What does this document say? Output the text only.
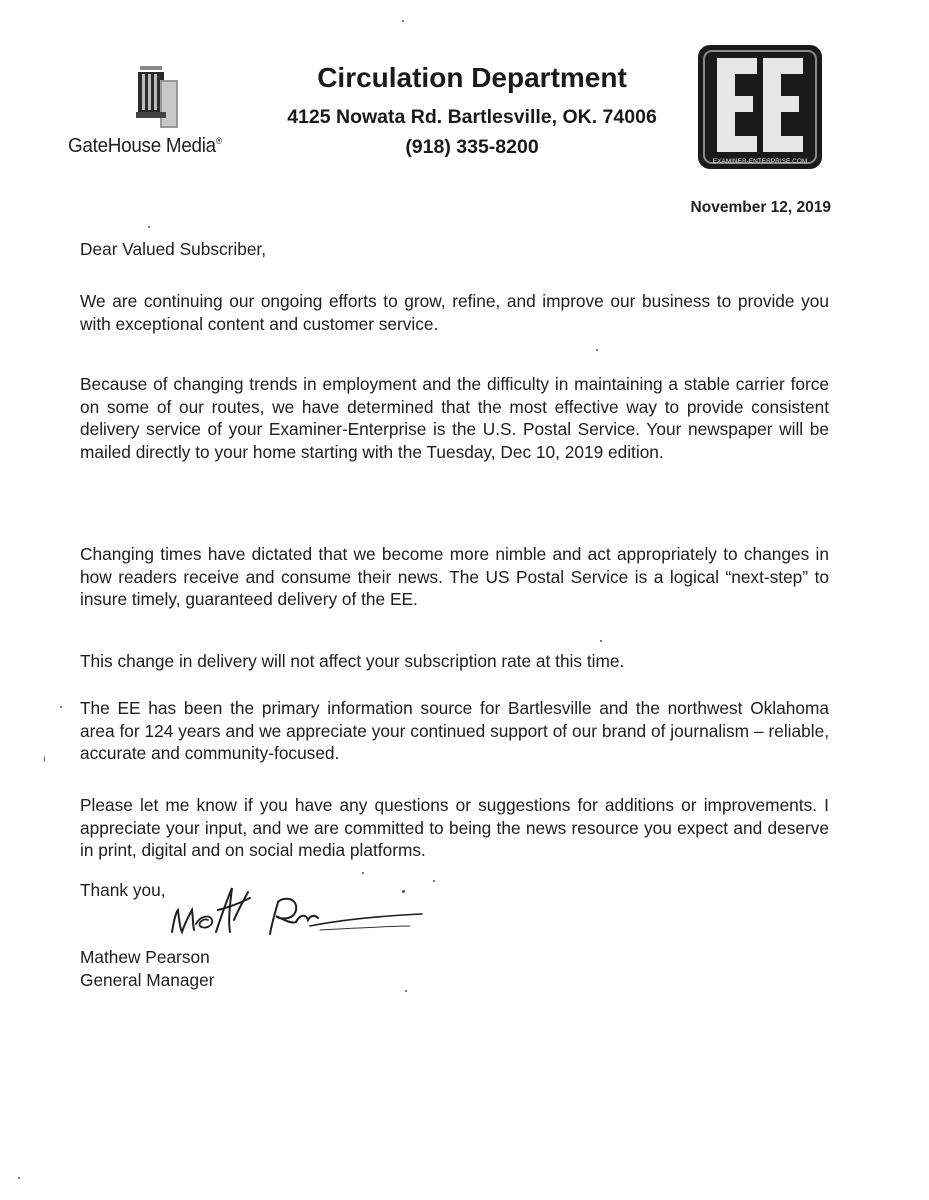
GateHouse Media®
Circulation Department
4125 Nowata Rd. Bartlesville, OK. 74006
(918) 335-8200
EXAMINER-ENTERPRISE.COM
November 12, 2019
Dear Valued Subscriber,
We are continuing our ongoing efforts to grow, refine, and improve our business to provide you with exceptional content and customer service.
Because of changing trends in employment and the difficulty in maintaining a stable carrier force on some of our routes, we have determined that the most effective way to provide consistent delivery service of your Examiner-Enterprise is the U.S. Postal Service. Your newspaper will be mailed directly to your home starting with the Tuesday, Dec 10, 2019 edition.
Changing times have dictated that we become more nimble and act appropriately to changes in how readers receive and consume their news. The US Postal Service is a logical “next-step” to insure timely, guaranteed delivery of the EE.
This change in delivery will not affect your subscription rate at this time.
The EE has been the primary information source for Bartlesville and the northwest Oklahoma area for 124 years and we appreciate your continued support of our brand of journalism – reliable, accurate and community-focused.
Please let me know if you have any questions or suggestions for additions or improvements. I appreciate your input, and we are committed to being the news resource you expect and deserve in print, digital and on social media platforms.
Thank you,
Mathew Pearson
General Manager
